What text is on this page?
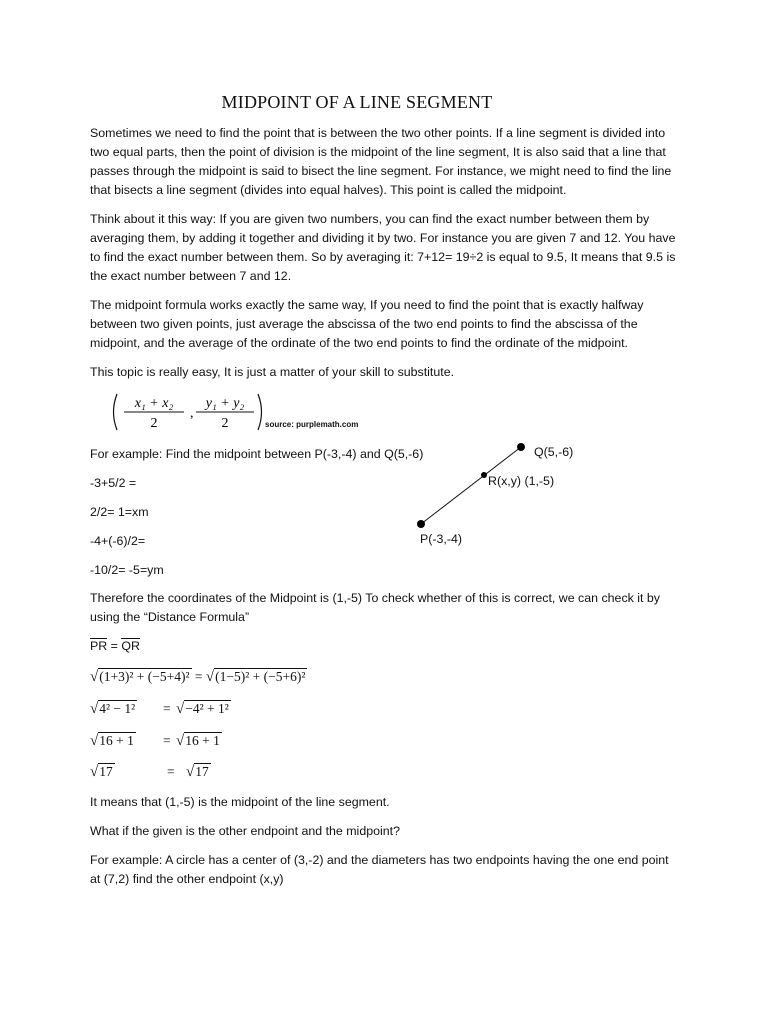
MIDPOINT OF A LINE SEGMENT

Sometimes we need to find the point that is between the two other points. If a line segment is divided into two equal parts, then the point of division is the midpoint of the line segment, It is also said that a line that passes through the midpoint is said to bisect the line segment. For instance, we might need to find the line that bisects a line segment (divides into equal halves). This point is called the midpoint.

Think about it this way: If you are given two numbers, you can find the exact number between them by averaging them, by adding it together and dividing it by two. For instance you are given 7 and 12. You have to find the exact number between them. So by averaging it: 7+12= 19÷2 is equal to 9.5, It means that 9.5 is the exact number between 7 and 12.

The midpoint formula works exactly the same way, If you need to find the point that is exactly halfway between two given points, just average the abscissa of the two end points to find the abscissa of the midpoint, and the average of the ordinate of the two end points to find the ordinate of the midpoint.

This topic is really easy, It is just a matter of your skill to substitute.
x₁ + x₂
2
,
y₁ + y₂
2	source: purplemath.com
For example: Find the midpoint between P(-3,-4) and Q(5,-6)
-3+5/2 =
2/2= 1=xm
-4+(-6)/2=
-10/2= -5=ym
Q(5,-6)
R(x,y) (1,-5)
P(-3,-4)

Therefore the coordinates of the Midpoint is (1,-5) To check whether of this is correct, we can check it by using the “Distance Formula”

PR = QR
√(1+3)² + (−5+4)² = √(1−5)² + (−5+6)²
√4² − 1² = √−4² + 1²
√16 + 1 = √16 + 1
√17	= √17
It means that (1,-5) is the midpoint of the line segment.
What if the given is the other endpoint and the midpoint?

For example: A circle has a center of (3,-2) and the diameters has two endpoints having the one end point at (7,2) find the other endpoint (x,y)
